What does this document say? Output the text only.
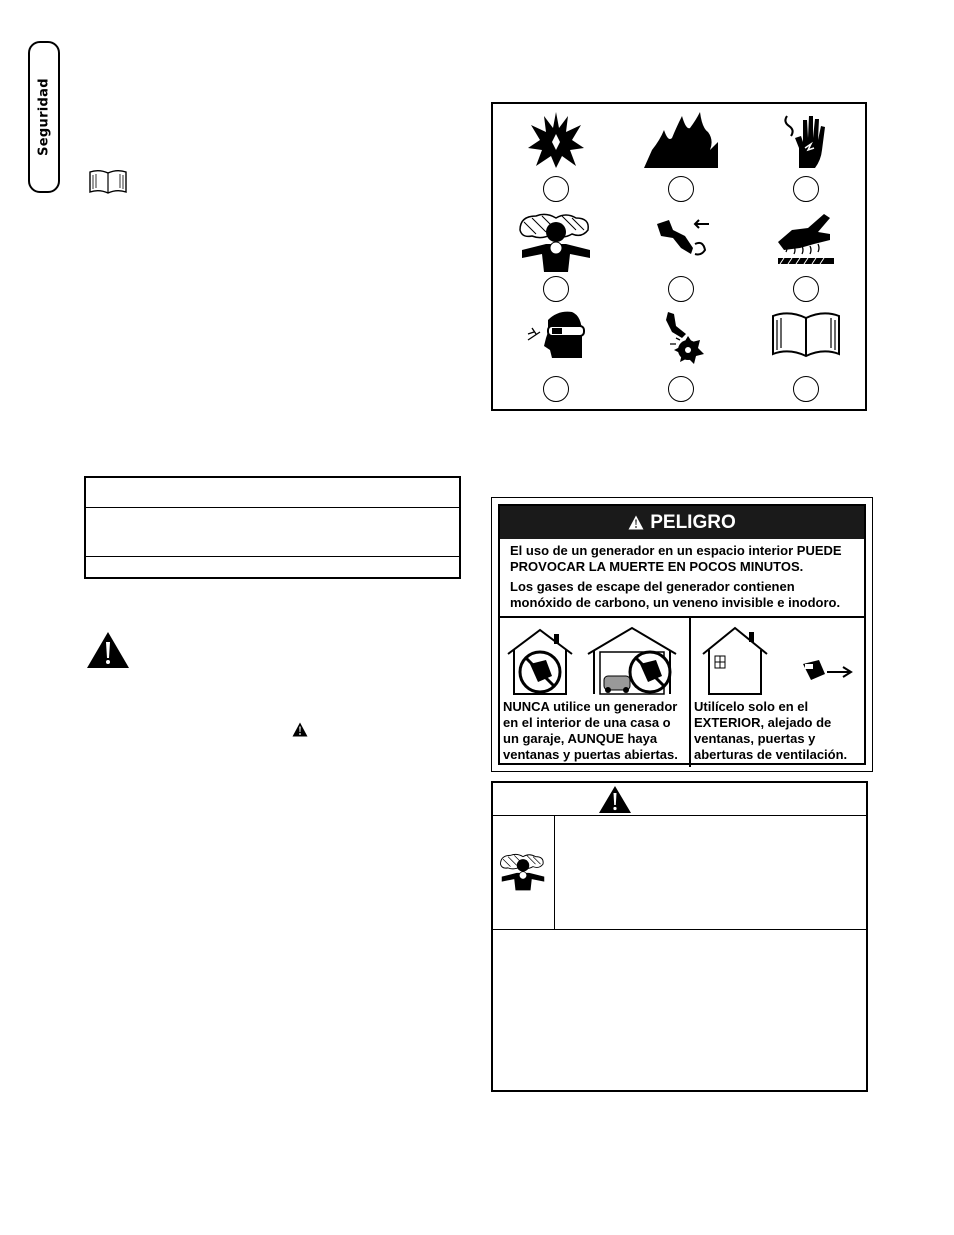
Seguridad
PELIGRO

El uso de un generador en un espacio interior PUEDE PROVOCAR LA MUERTE EN POCOS MINUTOS.

Los gases de escape del generador contienen monóxido de carbono, un veneno invisible e inodoro.

NUNCA utilice un generador en el interior de una casa o un garaje, AUNQUE haya ventanas y puertas abiertas.
Utilícelo solo en el EXTERIOR, alejado de ventanas, puertas y aberturas de ventilación.
